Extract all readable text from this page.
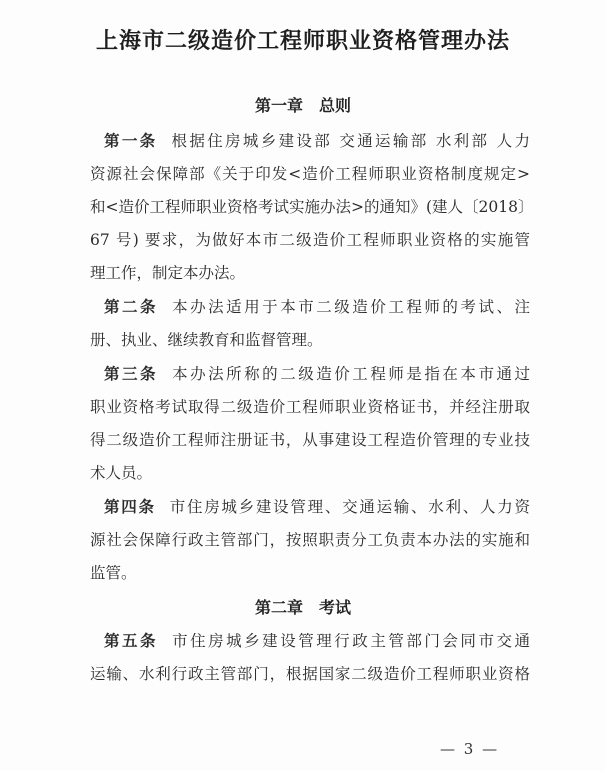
上海市二级造价工程师职业资格管理办法
第一章　总则
第一条 根据住房城乡建设部 交通运输部 水利部 人力
资源社会保障部《关于印发<造价工程师职业资格制度规定>
和<造价工程师职业资格考试实施办法>的通知》(建人〔2018〕
67 号) 要求，为做好本市二级造价工程师职业资格的实施管
理工作，制定本办法。
第二条 本办法适用于本市二级造价工程师的考试、注
册、执业、继续教育和监督管理。
第三条 本办法所称的二级造价工程师是指在本市通过
职业资格考试取得二级造价工程师职业资格证书，并经注册取
得二级造价工程师注册证书，从事建设工程造价管理的专业技
术人员。
第四条 市住房城乡建设管理、交通运输、水利、人力资
源社会保障行政主管部门，按照职责分工负责本办法的实施和
监管。
第二章　考试
第五条 市住房城乡建设管理行政主管部门会同市交通
运输、水利行政主管部门，根据国家二级造价工程师职业资格
— 3 —
